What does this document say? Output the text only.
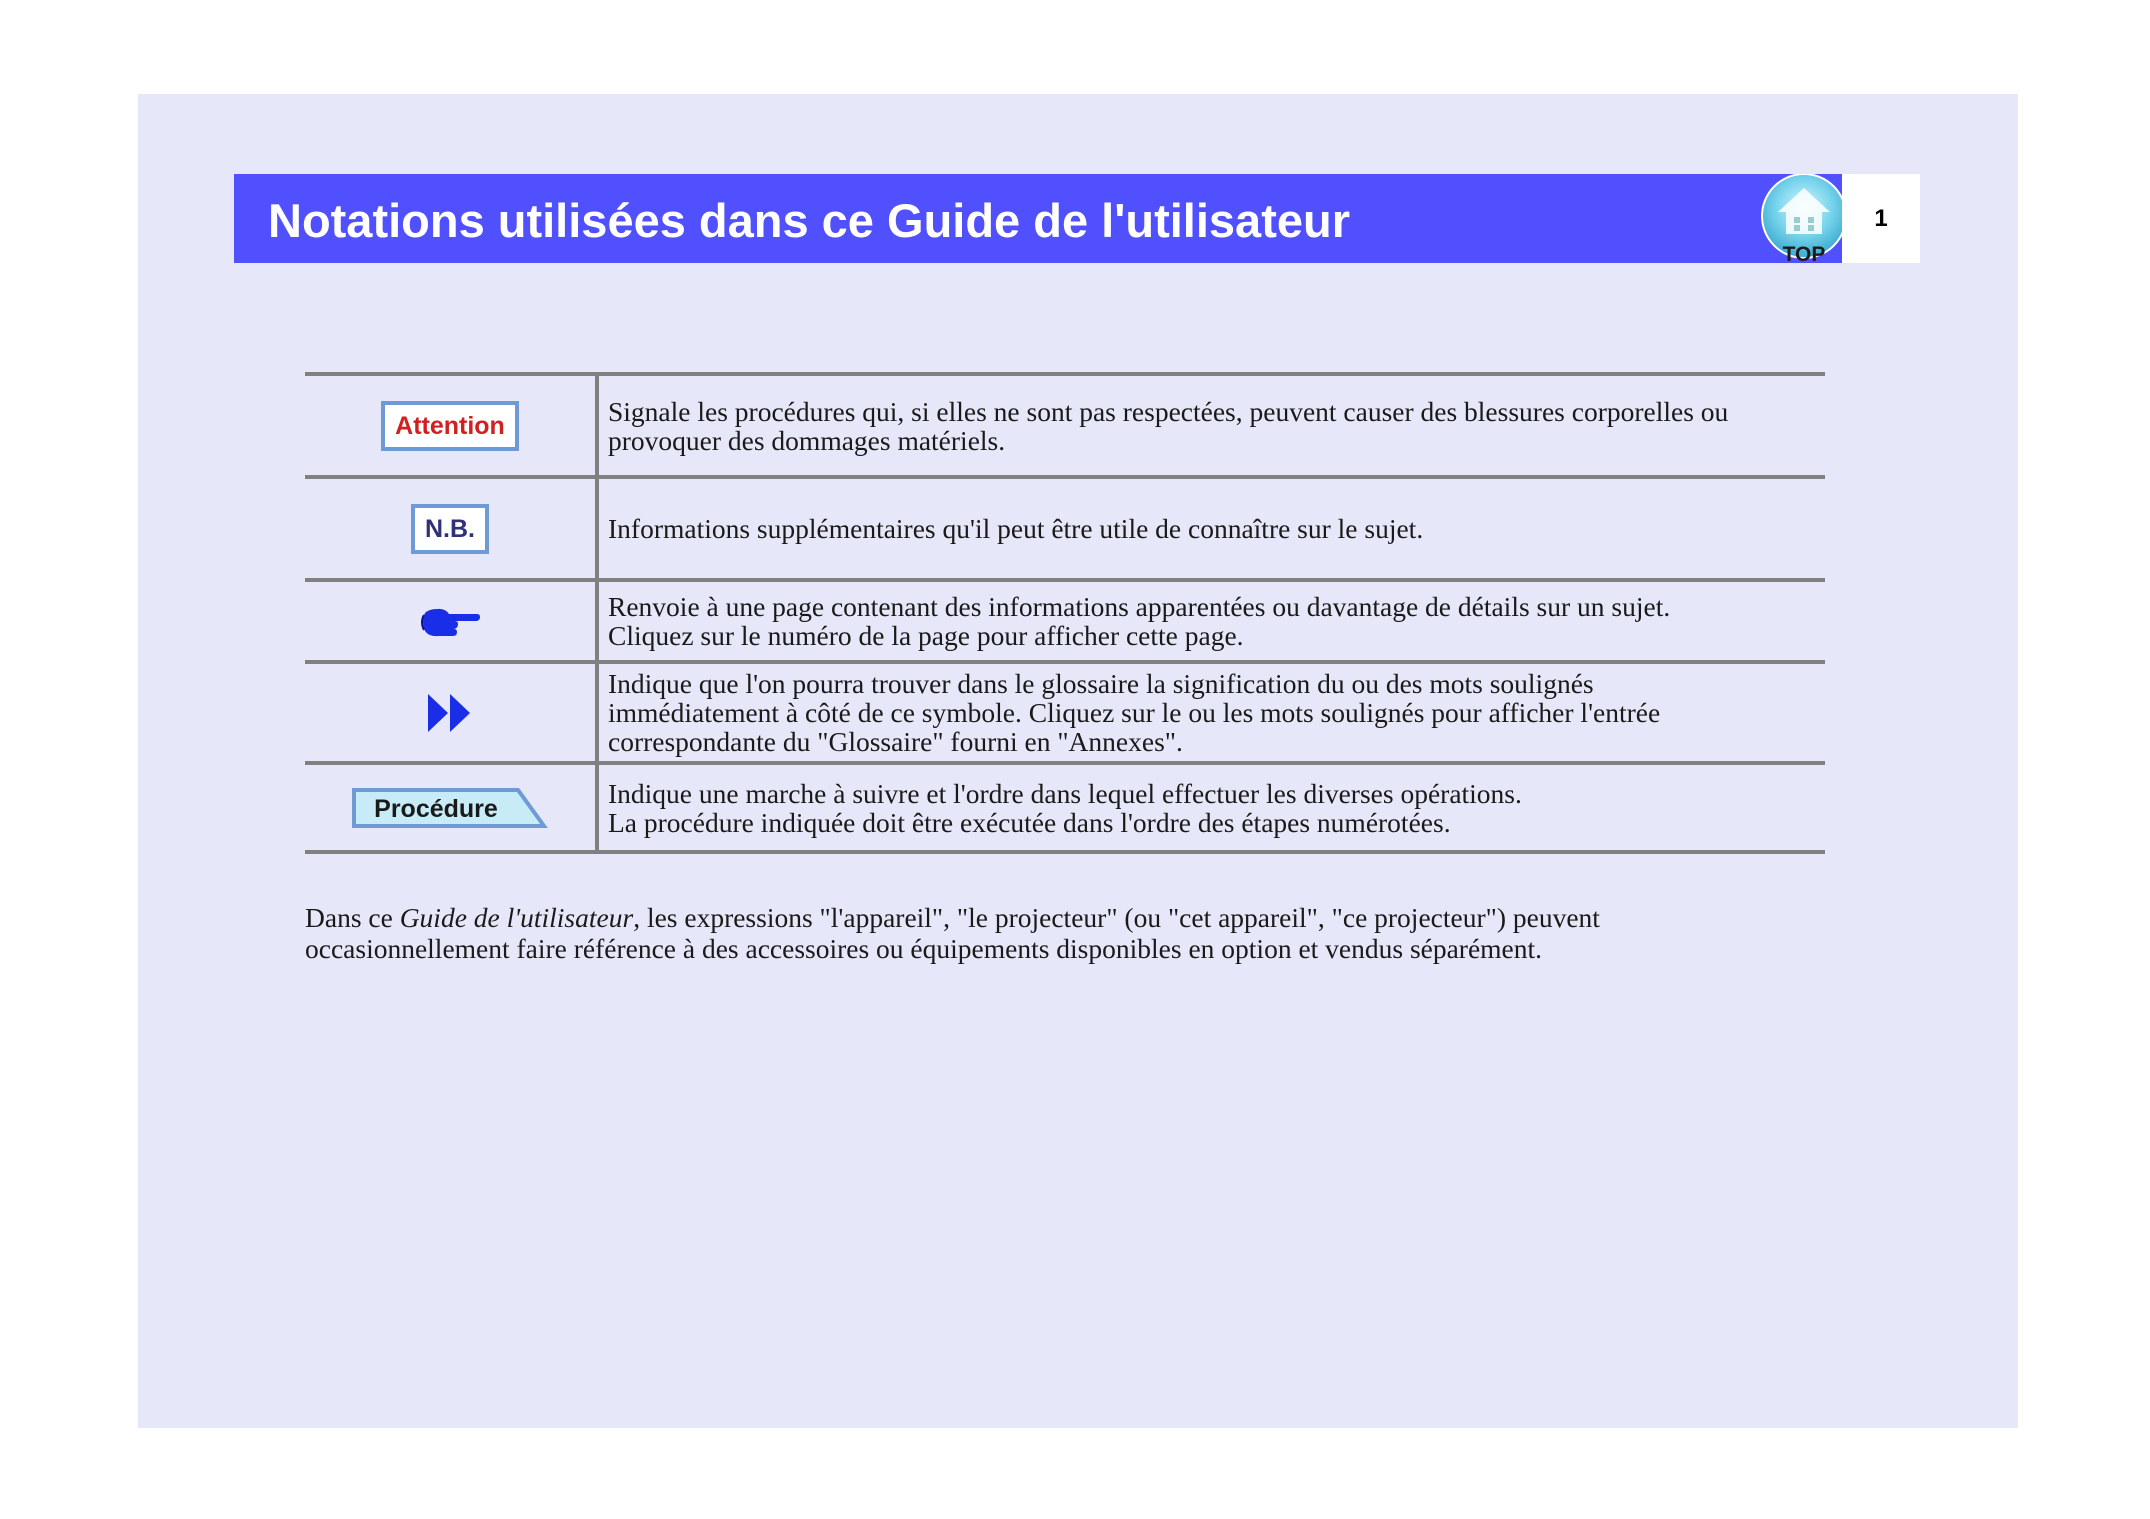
Notations utilisées dans ce Guide de l'utilisateur
TOP
1
Attention	Signale les procédures qui, si elles ne sont pas respectées, peuvent causer des blessures corporelles ou
provoquer des dommages matériels.

N.B.	Informations supplémentaires qu'il peut être utile de connaître sur le sujet.

Renvoie à une page contenant des informations apparentées ou davantage de détails sur un sujet.
Cliquez sur le numéro de la page pour afficher cette page.

Indique que l'on pourra trouver dans le glossaire la signification du ou des mots soulignés
immédiatement à côté de ce symbole. Cliquez sur le ou les mots soulignés pour afficher l'entrée
correspondante du "Glossaire" fourni en "Annexes".

Procédure	Indique une marche à suivre et l'ordre dans lequel effectuer les diverses opérations.
La procédure indiquée doit être exécutée dans l'ordre des étapes numérotées.
Dans ce Guide de l'utilisateur, les expressions "l'appareil", "le projecteur" (ou "cet appareil", "ce projecteur") peuvent
occasionnellement faire référence à des accessoires ou équipements disponibles en option et vendus séparément.
